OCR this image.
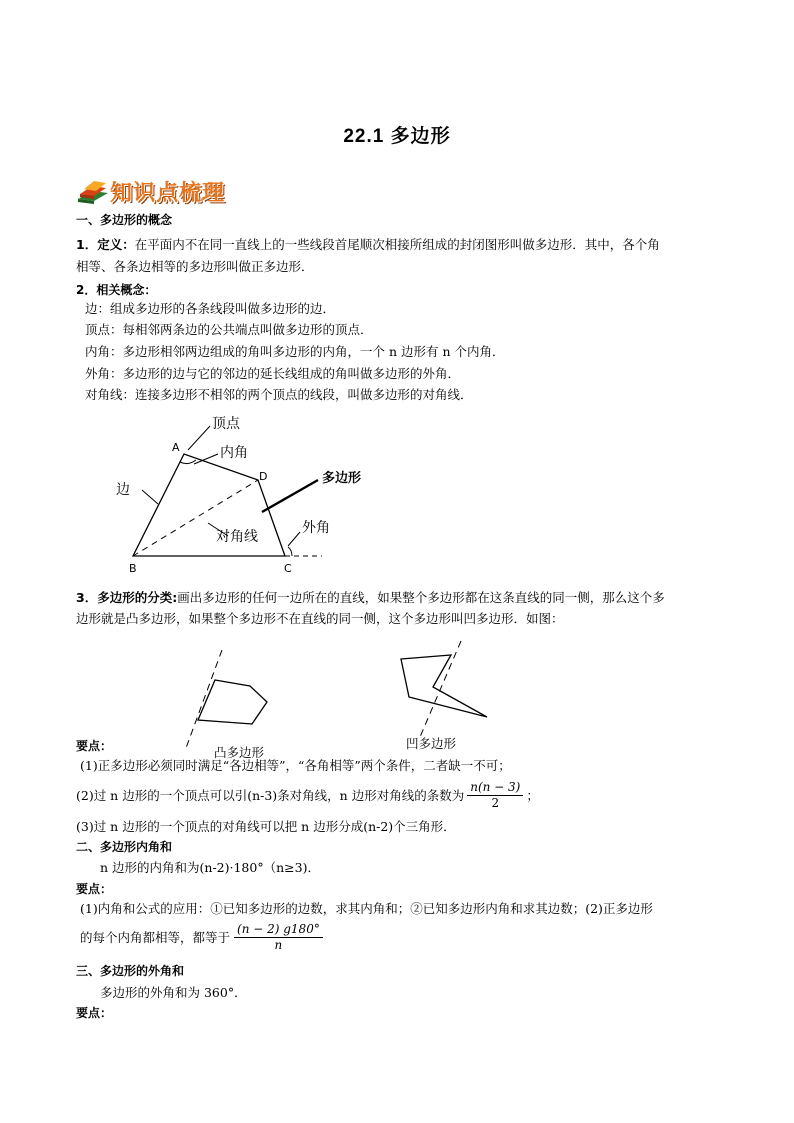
22.1 多边形
知识点梳理
一、多边形的概念
1．定义：在平面内不在同一直线上的一些线段首尾顺次相接所组成的封闭图形叫做多边形．其中，各个角
相等、各条边相等的多边形叫做正多边形．
2．相关概念：
边：组成多边形的各条线段叫做多边形的边．
顶点：每相邻两条边的公共端点叫做多边形的顶点．
内角：多边形相邻两边组成的角叫多边形的内角，一个 n 边形有 n 个内角．
外角：多边形的边与它的邻边的延长线组成的角叫做多边形的外角．
对角线：连接多边形不相邻的两个顶点的线段，叫做多边形的对角线．
顶点
内角
多边形
边
对角线
外角
A
D
B	C
3．多边形的分类:画出多边形的任何一边所在的直线，如果整个多边形都在这条直线的同一侧，那么这个多
边形就是凸多边形，如果整个多边形不在直线的同一侧，这个多边形叫凹多边形．如图：
凸多边形
凹多边形
要点：
(1)正多边形必须同时满足“各边相等”，“各角相等”两个条件，二者缺一不可；
(2)过 n 边形的一个顶点可以引(n-3)条对角线，n 边形对角线的条数为 $\frac{n(n - 3)}{2}$ ；
(3)过 n 边形的一个顶点的对角线可以把 n 边形分成(n-2)个三角形．
二、多边形内角和
n 边形的内角和为(n-2)·180°（n≥3)．
要点：
(1)内角和公式的应用：①已知多边形的边数，求其内角和；②已知多边形内角和求其边数；(2)正多边形
的每个内角都相等，都等于 $\frac{(n - 2) g180^\circ}{n}$
三、多边形的外角和
多边形的外角和为 360°．
要点：
